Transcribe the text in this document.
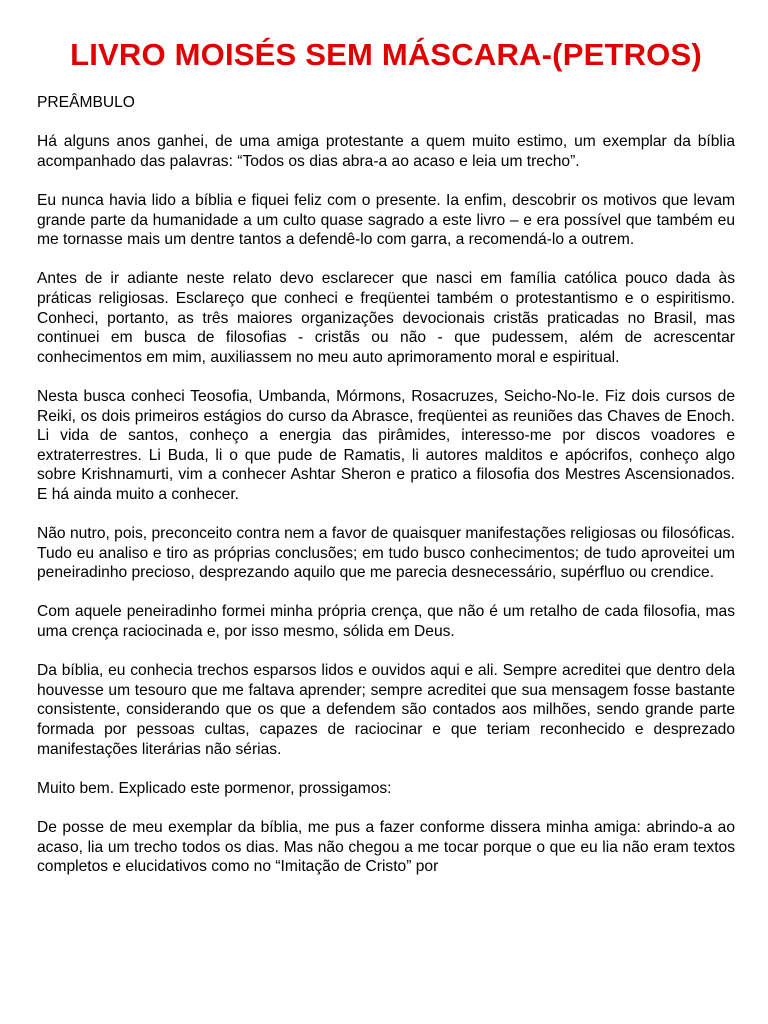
LIVRO MOISÉS SEM MÁSCARA-(PETROS)
PREÂMBULO

Há alguns anos ganhei, de uma amiga protestante a quem muito estimo, um exemplar da bíblia acompanhado das palavras: “Todos os dias abra-a ao acaso e leia um trecho”.

Eu nunca havia lido a bíblia e fiquei feliz com o presente. Ia enfim, descobrir os motivos que levam grande parte da humanidade a um culto quase sagrado a este livro – e era possível que também eu me tornasse mais um dentre tantos a defendê-lo com garra, a recomendá-lo a outrem.

Antes de ir adiante neste relato devo esclarecer que nasci em família católica pouco dada às práticas religiosas. Esclareço que conheci e freqüentei também o protestantismo e o espiritismo. Conheci, portanto, as três maiores organizações devocionais cristãs praticadas no Brasil, mas continuei em busca de filosofias - cristãs ou não - que pudessem, além de acrescentar conhecimentos em mim, auxiliassem no meu auto aprimoramento moral e espiritual.

Nesta busca conheci Teosofia, Umbanda, Mórmons, Rosacruzes, Seicho-No-Ie. Fiz dois cursos de Reiki, os dois primeiros estágios do curso da Abrasce, freqüentei as reuniões das Chaves de Enoch. Li vida de santos, conheço a energia das pirâmides, interesso-me por discos voadores e extraterrestres. Li Buda, li o que pude de Ramatis, li autores malditos e apócrifos, conheço algo sobre Krishnamurti, vim a conhecer Ashtar Sheron e pratico a filosofia dos Mestres Ascensionados. E há ainda muito a conhecer.

Não nutro, pois, preconceito contra nem a favor de quaisquer manifestações religiosas ou filosóficas. Tudo eu analiso e tiro as próprias conclusões; em tudo busco conhecimentos; de tudo aproveitei um peneiradinho precioso, desprezando aquilo que me parecia desnecessário, supérfluo ou crendice.

Com aquele peneiradinho formei minha própria crença, que não é um retalho de cada filosofia, mas uma crença raciocinada e, por isso mesmo, sólida em Deus.

Da bíblia, eu conhecia trechos esparsos lidos e ouvidos aqui e ali. Sempre acreditei que dentro dela houvesse um tesouro que me faltava aprender; sempre acreditei que sua mensagem fosse bastante consistente, considerando que os que a defendem são contados aos milhões, sendo grande parte formada por pessoas cultas, capazes de raciocinar e que teriam reconhecido e desprezado manifestações literárias não sérias.

Muito bem. Explicado este pormenor, prossigamos:

De posse de meu exemplar da bíblia, me pus a fazer conforme dissera minha amiga: abrindo-a ao acaso, lia um trecho todos os dias. Mas não chegou a me tocar porque o que eu lia não eram textos completos e elucidativos como no “Imitação de Cristo” por
